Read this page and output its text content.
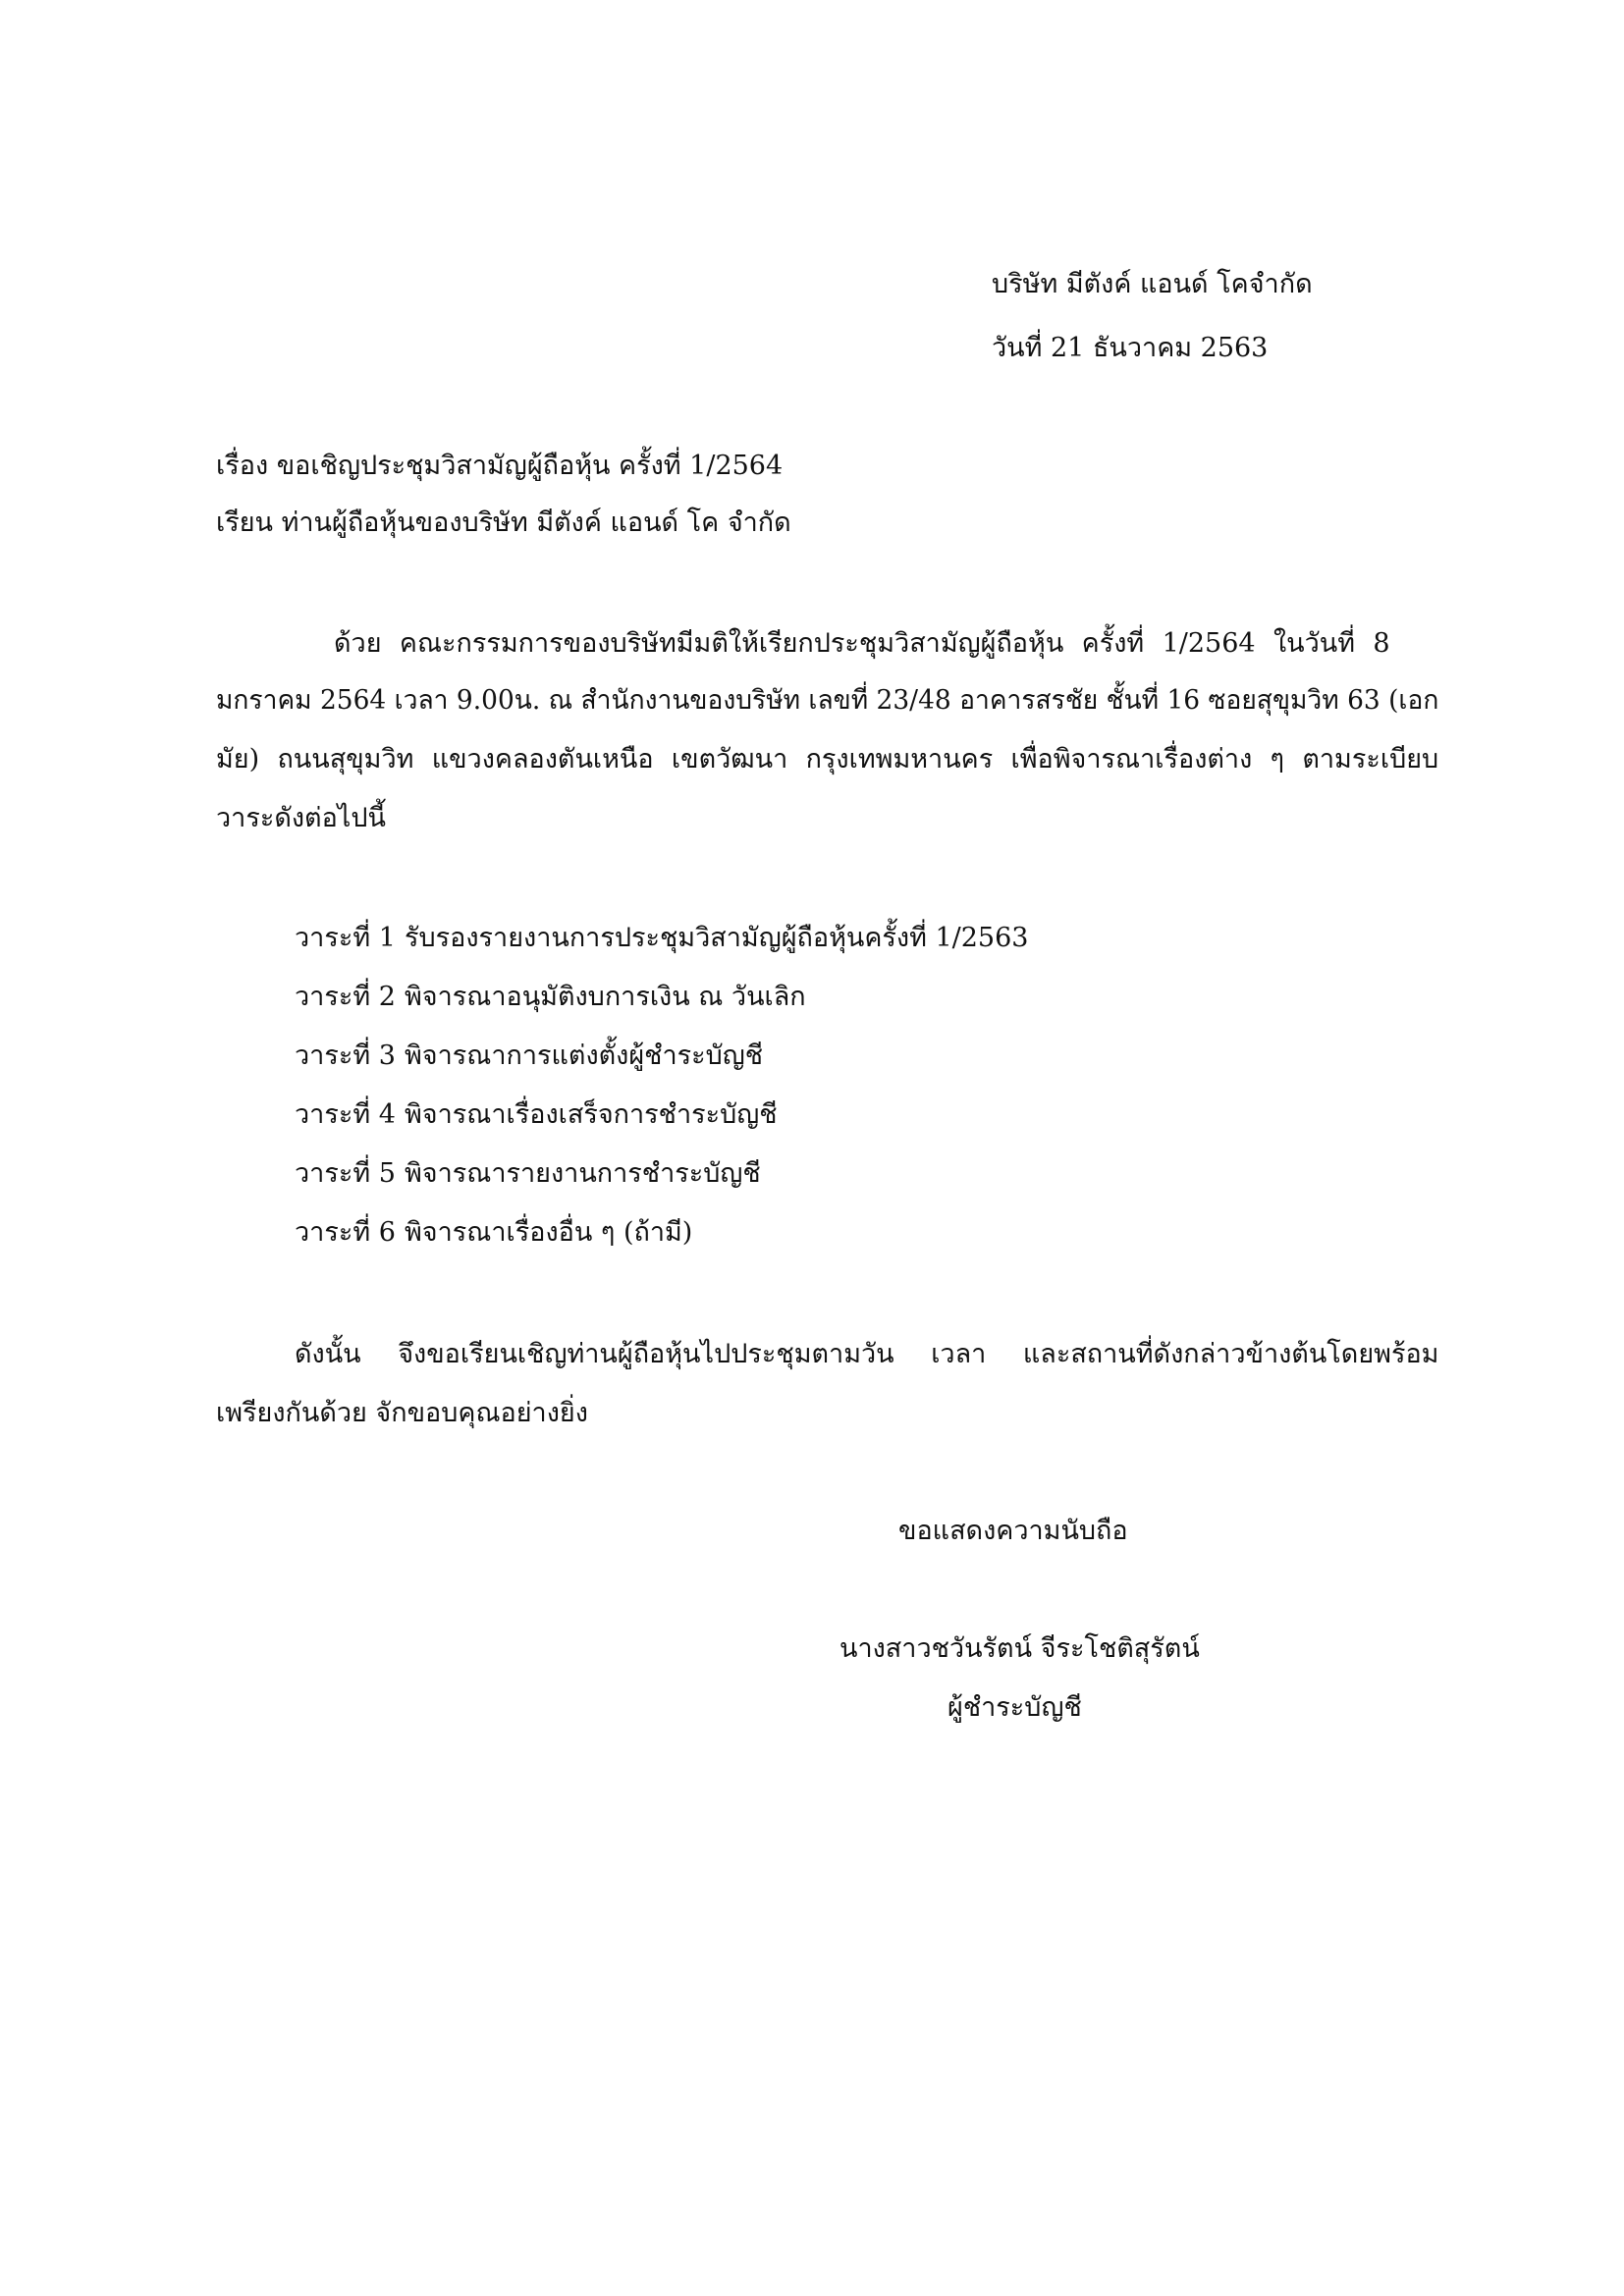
บริษัท มีตังค์ แอนด์ โคจำกัด
วันที่ 21 ธันวาคม 2563
เรื่อง ขอเชิญประชุมวิสามัญผู้ถือหุ้น ครั้งที่ 1/2564
เรียน ท่านผู้ถือหุ้นของบริษัท มีตังค์ แอนด์ โค จำกัด
ด้วย คณะกรรมการของบริษัทมีมติให้เรียกประชุมวิสามัญผู้ถือหุ้น ครั้งที่ 1/2564 ในวันที่ 8
มกราคม 2564 เวลา 9.00น. ณ สำนักงานของบริษัท เลขที่ 23/48 อาคารสรชัย ชั้นที่ 16 ซอยสุขุมวิท 63 (เอก
มัย) ถนนสุขุมวิท แขวงคลองตันเหนือ เขตวัฒนา กรุงเทพมหานคร เพื่อพิจารณาเรื่องต่าง ๆ ตามระเบียบ
วาระดังต่อไปนี้
วาระที่ 1 รับรองรายงานการประชุมวิสามัญผู้ถือหุ้นครั้งที่ 1/2563
วาระที่ 2 พิจารณาอนุมัติงบการเงิน ณ วันเลิก
วาระที่ 3 พิจารณาการแต่งตั้งผู้ชำระบัญชี
วาระที่ 4 พิจารณาเรื่องเสร็จการชำระบัญชี
วาระที่ 5 พิจารณารายงานการชำระบัญชี
วาระที่ 6 พิจารณาเรื่องอื่น ๆ (ถ้ามี)
ดังนั้น จึงขอเรียนเชิญท่านผู้ถือหุ้นไปประชุมตามวัน เวลา และสถานที่ดังกล่าวข้างต้นโดยพร้อม
เพรียงกันด้วย จักขอบคุณอย่างยิ่ง
ขอแสดงความนับถือ
นางสาวชวันรัตน์ จีระโชติสุรัตน์
ผู้ชำระบัญชี
